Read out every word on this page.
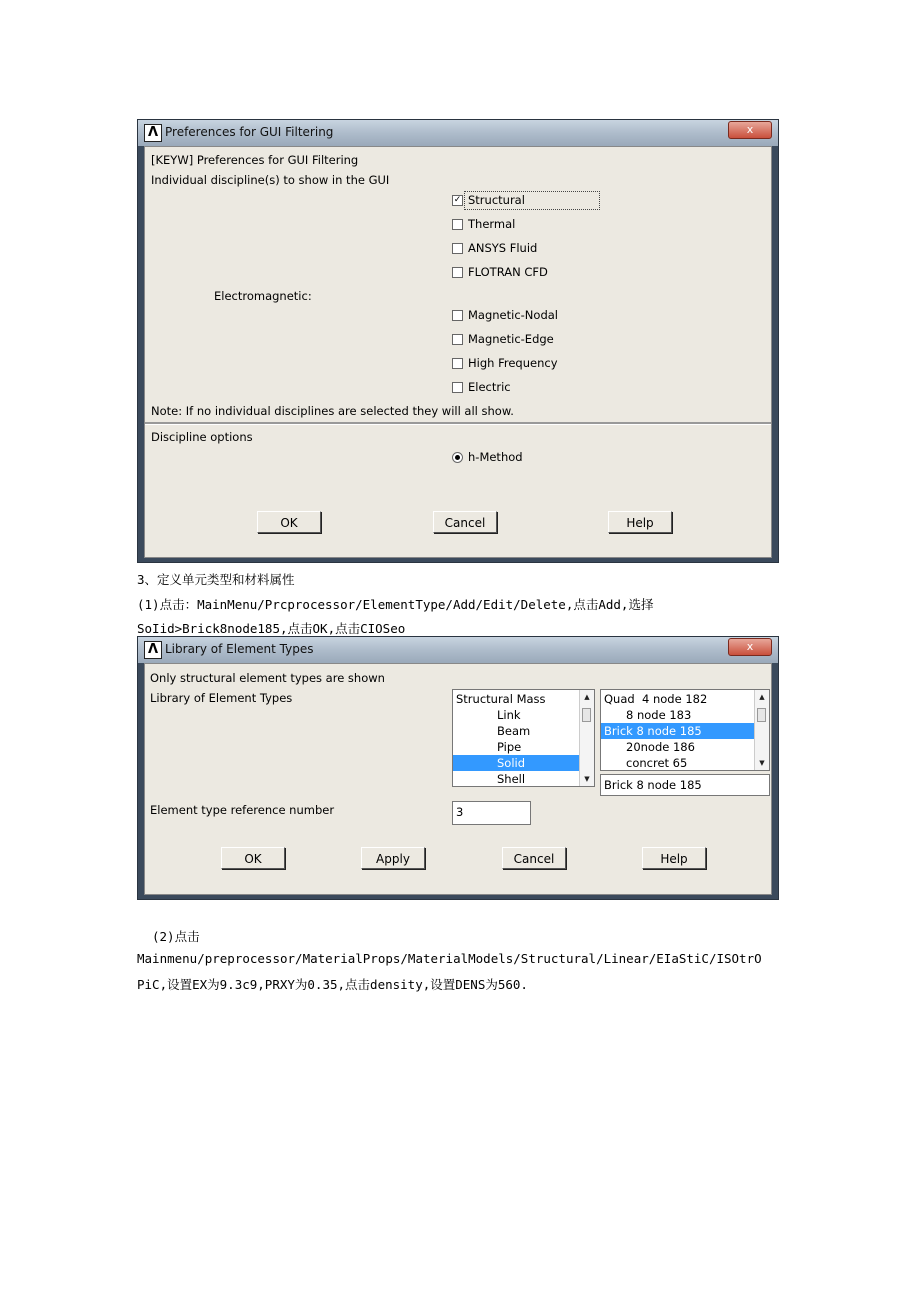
Λ Preferences for GUI Filtering	x
[KEYW] Preferences for GUI Filtering
Individual discipline(s) to show in the GUI
✓ Structural
Thermal
ANSYS Fluid
FLOTRAN CFD
Electromagnetic:
Magnetic-Nodal
Magnetic-Edge
High Frequency
Electric
Note: If no individual disciplines are selected they will all show.
Discipline options
h-Method
OK	Cancel	Help
3、定义单元类型和材料属性
(1)点击：MainMenu/Prcprocessor/ElementType/Add/Edit/Delete,点击Add,选择
SoIid>Brick8node185,点击OK,点击CIOSeo
Λ Library of Element Types	x
Only structural element types are shown
Library of Element Types	Structural Mass
Link
Beam
Pipe
Solid
Shell
▲
▼
Quad  4 node 182
8 node 183
Brick 8 node 185
20node 186
concret 65
▲
▼
Brick 8 node 185
Element type reference number	3
OK	Apply	Cancel	Help
(2)点击
Mainmenu/preprocessor/MaterialProps/MaterialModels/Structural/Linear/EIaStiC/ISOtrO
PiC,设置EX为9.3c9,PRXY为0.35,点击density,设置DENS为560.
